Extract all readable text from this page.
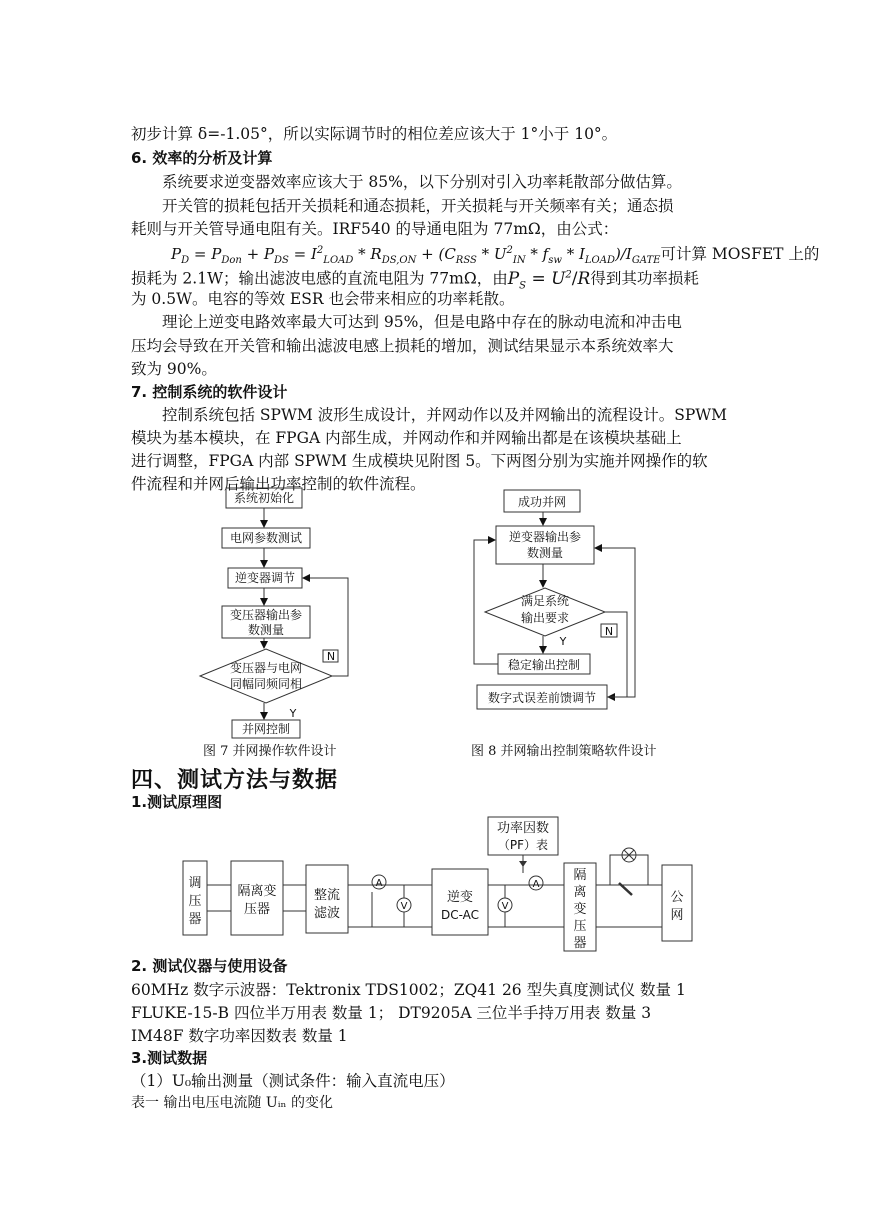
初步计算 δ=-1.05°，所以实际调节时的相位差应该大于 1°小于 10°。
6. 效率的分析及计算
系统要求逆变器效率应该大于 85%，以下分别对引入功率耗散部分做估算。
开关管的损耗包括开关损耗和通态损耗，开关损耗与开关频率有关；通态损
耗则与开关管导通电阻有关。IRF540 的导通电阻为 77mΩ，由公式：
$P_D = P_{Don} + P_{DS} = I^2_{LOAD} * R_{DS,ON} + (C_{RSS} * U^2_{IN} * f_{sw} * I_{LOAD})/I_{GATE}$可计算 MOSFET 上的
损耗为 2.1W；输出滤波电感的直流电阻为 77mΩ，由$P_S = U^2/R$得到其功率损耗
为 0.5W。电容的等效 ESR 也会带来相应的功率耗散。
理论上逆变电路效率最大可达到 95%，但是电路中存在的脉动电流和冲击电
压均会导致在开关管和输出滤波电感上损耗的增加，测试结果显示本系统效率大
致为 90%。
7. 控制系统的软件设计
控制系统包括 SPWM 波形生成设计，并网动作以及并网输出的流程设计。SPWM
模块为基本模块，在 FPGA 内部生成，并网动作和并网输出都是在该模块基础上
进行调整，FPGA 内部 SPWM 生成模块见附图 5。下两图分别为实施并网操作的软
件流程和并网后输出功率控制的软件流程。
系统初始化
电网参数测试
逆变器调节
变压器输出参
数测量
变压器与电网
同幅同频同相
N
Y
并网控制
图 7 并网操作软件设计
成功并网
逆变器输出参
数测量
满足系统
输出要求
Y
N
稳定输出控制
数字式误差前馈调节
图 8 并网输出控制策略软件设计
四、测试方法与数据
1.测试原理图
功率因数
（PF）表
调
压
器
隔离变
压器
整流
滤波
逆变
DC-AC
A
V	V
A
隔
离
变
压
器
公
网
2. 测试仪器与使用设备
60MHz 数字示波器：Tektronix TDS1002；ZQ41 26 型失真度测试仪 数量 1
FLUKE-15-B 四位半万用表 数量 1； DT9205A 三位半手持万用表 数量 3
IM48F 数字功率因数表 数量 1
3.测试数据
（1）U₀输出测量（测试条件：输入直流电压）
表一 输出电压电流随 Uᵢₙ 的变化
